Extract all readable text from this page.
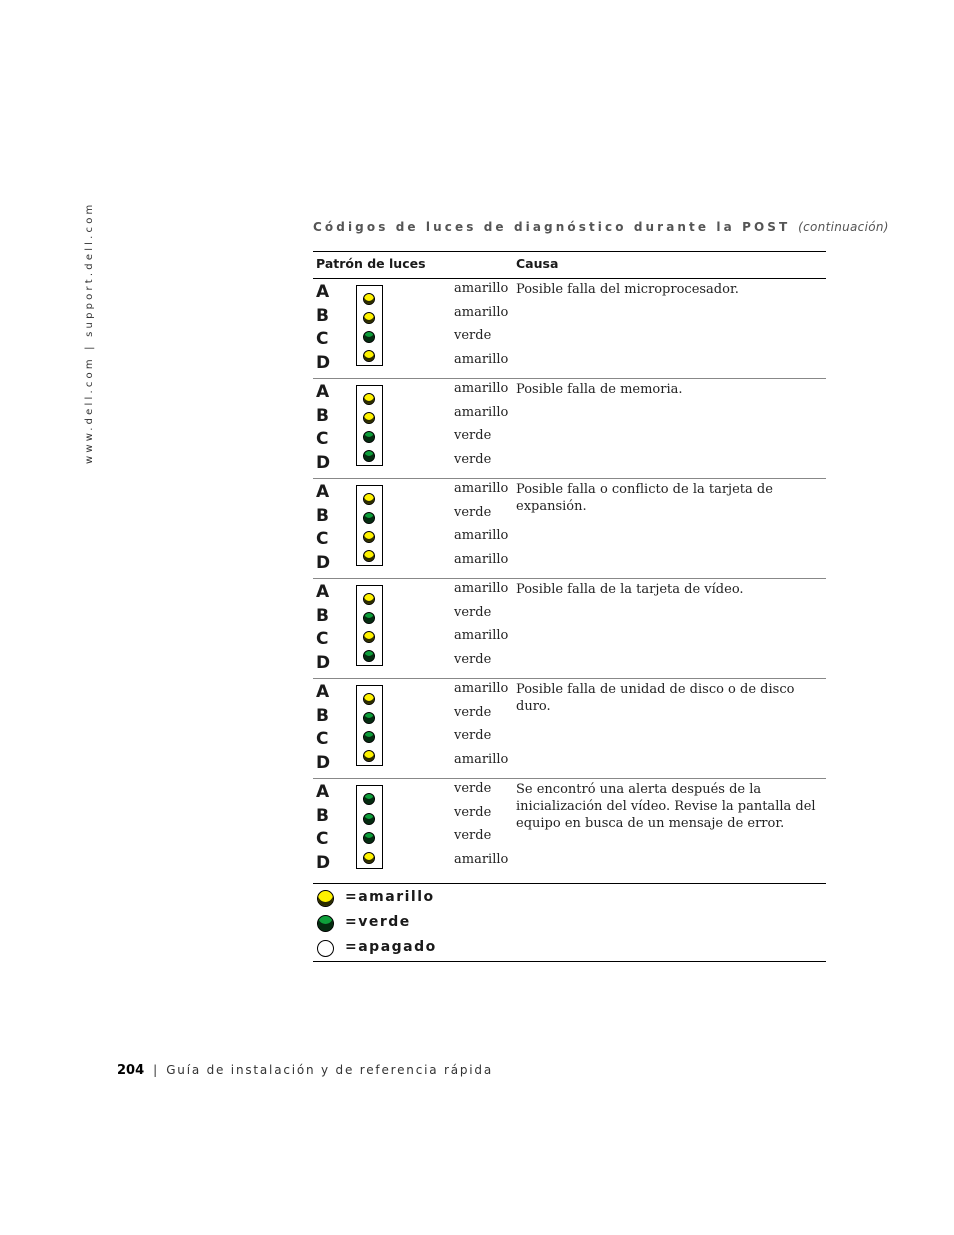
www.dell.com | support.dell.com	Códigos de luces de diagnóstico durante la POST (continuación)
Patrón de luces	Causa
A
B
C
D
amarillo
amarillo
verde
amarillo
Posible falla del microprocesador.
A
B
C
D
amarillo
amarillo
verde
verde
Posible falla de memoria.
A
B
C
D
amarillo
verde
amarillo
amarillo
Posible falla o conflicto de la tarjeta de expansión.
A
B
C
D
amarillo
verde
amarillo
verde
Posible falla de la tarjeta de vídeo.
A
B
C
D
amarillo
verde
verde
amarillo
Posible falla de unidad de disco o de disco duro.
A
B
C
D
verde
verde
verde
amarillo
Se encontró una alerta después de la inicialización del vídeo. Revise la pantalla del equipo en busca de un mensaje de error.
=amarillo
=verde
=apagado
204 | Guía de instalación y de referencia rápida
